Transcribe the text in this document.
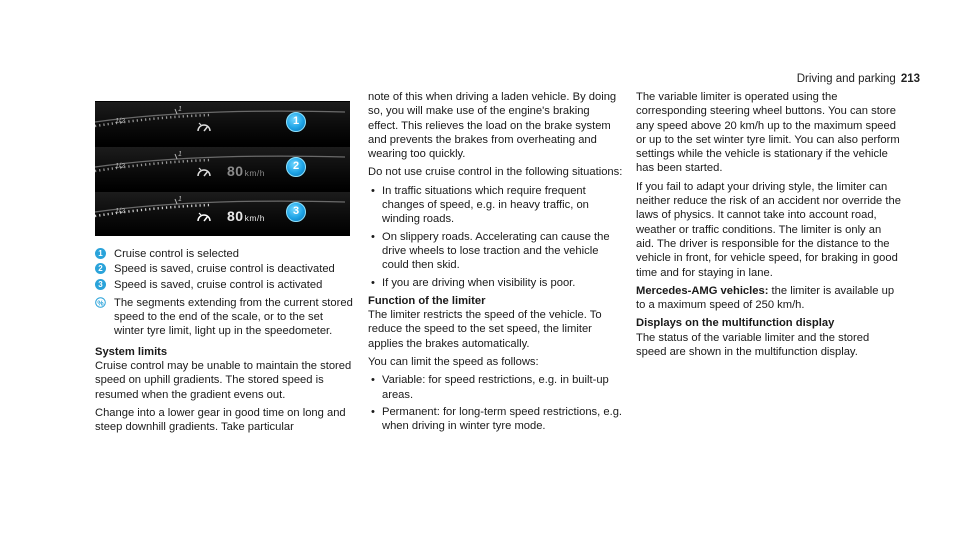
Driving and parking 213
1/2
1
1
1/2
1
80km/h
2
1/2
1
80km/h
3
1 Cruise control is selected
2 Speed is saved, cruise control is deactivated
3 Speed is saved, cruise control is activated
% The segments extending from the current stored speed to the end of the scale, or to the set winter tyre limit, light up in the speedometer.

System limits

Cruise control may be unable to maintain the stored speed on uphill gradients. The stored speed is resumed when the gradient evens out.

Change into a lower gear in good time on long and steep downhill gradients. Take particular

note of this when driving a laden vehicle. By doing so, you will make use of the engine's braking effect. This relieves the load on the brake system and prevents the brakes from overheating and wearing too quickly.

Do not use cruise control in the following situations:

• In traffic situations which require frequent changes of speed, e.g. in heavy traffic, on winding roads.
• On slippery roads. Accelerating can cause the drive wheels to lose traction and the vehicle could then skid.
• If you are driving when visibility is poor.

Function of the limiter

The limiter restricts the speed of the vehicle. To reduce the speed to the set speed, the limiter applies the brakes automatically.

You can limit the speed as follows:

• Variable: for speed restrictions, e.g. in built-up areas.
• Permanent: for long-term speed restrictions, e.g. when driving in winter tyre mode.

The variable limiter is operated using the corresponding steering wheel buttons. You can store any speed above 20 km/h up to the maximum speed or up to the set winter tyre limit. You can also perform settings while the vehicle is stationary if the vehicle has been started.

If you fail to adapt your driving style, the limiter can neither reduce the risk of an accident nor override the laws of physics. It cannot take into account road, weather or traffic conditions. The limiter is only an aid. The driver is responsible for the distance to the vehicle in front, for vehicle speed, for braking in good time and for staying in lane.

Mercedes-AMG vehicles: the limiter is available up to a maximum speed of 250 km/h.

Displays on the multifunction display

The status of the variable limiter and the stored speed are shown in the multifunction display.
